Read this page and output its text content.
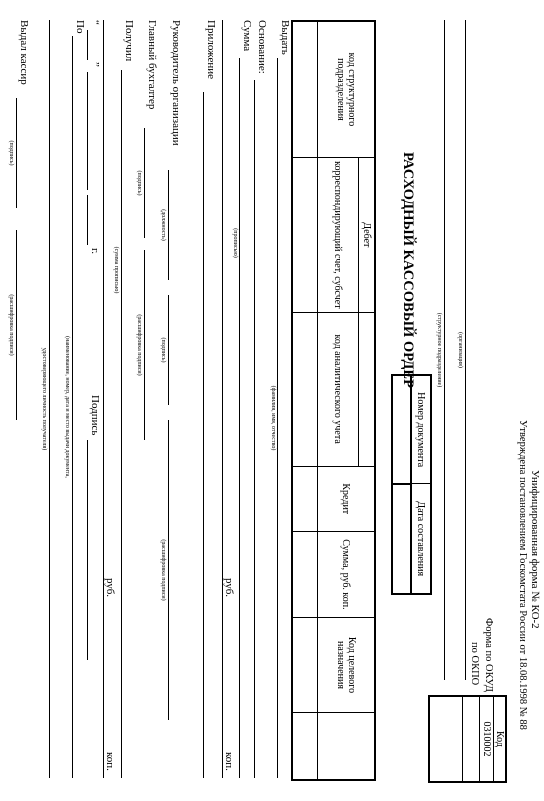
Унифицированная форма № КО-2
Утверждена постановлением Госкомстата России от 18.08.1998 № 88
Код
0310002

Форма по ОКУД
по ОКПО
(организация)
(структурное подразделение)
Номер документа	Дата составления

РАСХОДНЫЙ КАССОВЫЙ ОРДЕР
код структурного подразделения	Дебет		Кредит	Сумма, руб. коп.	Код целевого назначения	
	корреспондирующий счет, субсчет	код аналитического учета				

Выдать
(фамилия, имя, отчество)
Основание:
Сумма
(прописью)
руб.
коп.
Приложение
Руководитель организации
(должность)
(подпись)
(расшифровка подписи)
Главный бухгалтер
(подпись)
(расшифровка подписи)
Получил
(сумма прописью)
руб.
коп.
“
”
г.
Подпись
По
(наименование, номер, дата и место выдачи документа,
удостоверяющего личность получателя)
Выдал кассир
(подпись)
(расшифровка подписи)
